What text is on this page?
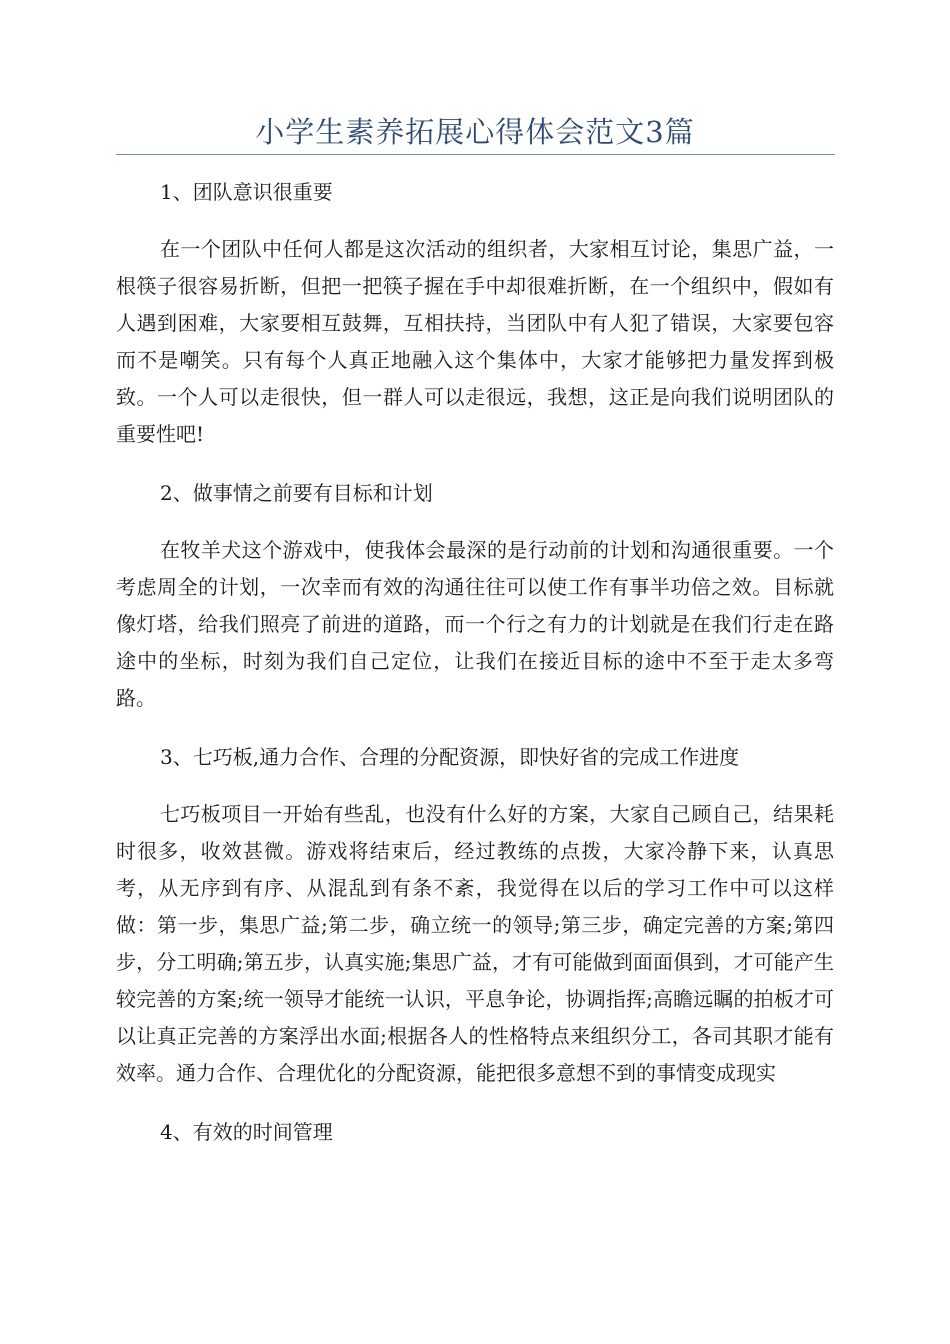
小学生素养拓展心得体会范文3篇

1、团队意识很重要

在一个团队中任何人都是这次活动的组织者，大家相互讨论，集思广益，一根筷子很容易折断，但把一把筷子握在手中却很难折断，在一个组织中，假如有人遇到困难，大家要相互鼓舞，互相扶持，当团队中有人犯了错误，大家要包容而不是嘲笑。只有每个人真正地融入这个集体中，大家才能够把力量发挥到极致。一个人可以走很快，但一群人可以走很远，我想，这正是向我们说明团队的重要性吧!

2、做事情之前要有目标和计划

在牧羊犬这个游戏中，使我体会最深的是行动前的计划和沟通很重要。一个考虑周全的计划，一次幸而有效的沟通往往可以使工作有事半功倍之效。目标就像灯塔，给我们照亮了前进的道路，而一个行之有力的计划就是在我们行走在路途中的坐标，时刻为我们自己定位，让我们在接近目标的途中不至于走太多弯路。

3、七巧板,通力合作、合理的分配资源，即快好省的完成工作进度

七巧板项目一开始有些乱，也没有什么好的方案，大家自己顾自己，结果耗时很多，收效甚微。游戏将结束后，经过教练的点拨，大家冷静下来，认真思考，从无序到有序、从混乱到有条不紊，我觉得在以后的学习工作中可以这样做：第一步，集思广益;第二步，确立统一的领导;第三步，确定完善的方案;第四步，分工明确;第五步，认真实施;集思广益，才有可能做到面面俱到，才可能产生较完善的方案;统一领导才能统一认识，平息争论，协调指挥;高瞻远瞩的拍板才可以让真正完善的方案浮出水面;根据各人的性格特点来组织分工，各司其职才能有效率。通力合作、合理优化的分配资源，能把很多意想不到的事情变成现实

4、有效的时间管理
